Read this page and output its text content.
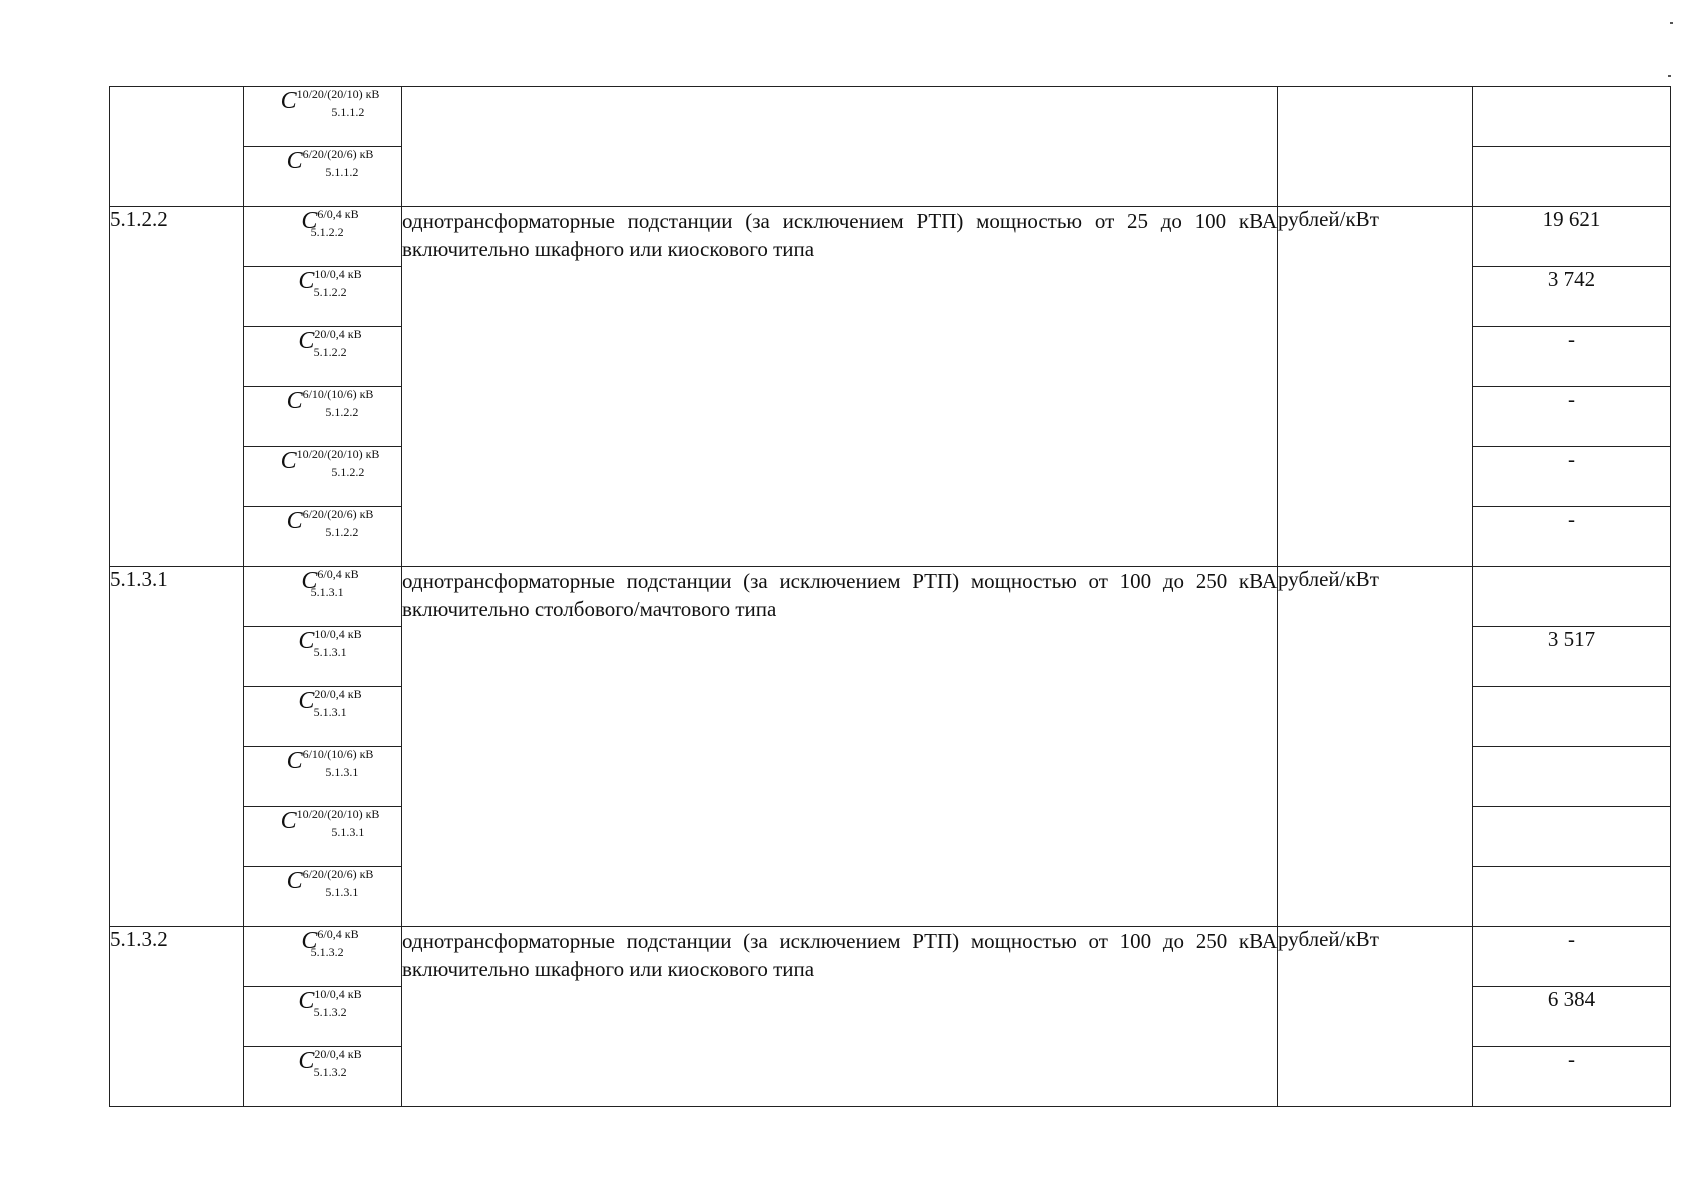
	$C^{10/20/(20/10) кВ}_{5.1.1.2}$			
	$C^{6/20/(20/6) кВ}_{5.1.1.2}$	
5.1.2.2	$C^{6/0,4 кВ}_{5.1.2.2}$	однотрансформаторные подстанции (за исключением РТП) мощностью от 25 до 100 кВА включительно шкафного или киоскового типа	рублей/кВт	19 621
	$C^{10/0,4 кВ}_{5.1.2.2}$			3 742
	$C^{20/0,4 кВ}_{5.1.2.2}$			-
	$C^{6/10/(10/6) кВ}_{5.1.2.2}$			-
	$C^{10/20/(20/10) кВ}_{5.1.2.2}$			-
	$C^{6/20/(20/6) кВ}_{5.1.2.2}$			-
5.1.3.1	$C^{6/0,4 кВ}_{5.1.3.1}$	однотрансформаторные подстанции (за исключением РТП) мощностью от 100 до 250 кВА включительно столбового/мачтового типа	рублей/кВт	
	$C^{10/0,4 кВ}_{5.1.3.1}$			3 517
	$C^{20/0,4 кВ}_{5.1.3.1}$	
	$C^{6/10/(10/6) кВ}_{5.1.3.1}$	
	$C^{10/20/(20/10) кВ}_{5.1.3.1}$	
	$C^{6/20/(20/6) кВ}_{5.1.3.1}$	
5.1.3.2	$C^{6/0,4 кВ}_{5.1.3.2}$	однотрансформаторные подстанции (за исключением РТП) мощностью от 100 до 250 кВА включительно шкафного или киоскового типа	рублей/кВт	-
	$C^{10/0,4 кВ}_{5.1.3.2}$			6 384
	$C^{20/0,4 кВ}_{5.1.3.2}$			-
